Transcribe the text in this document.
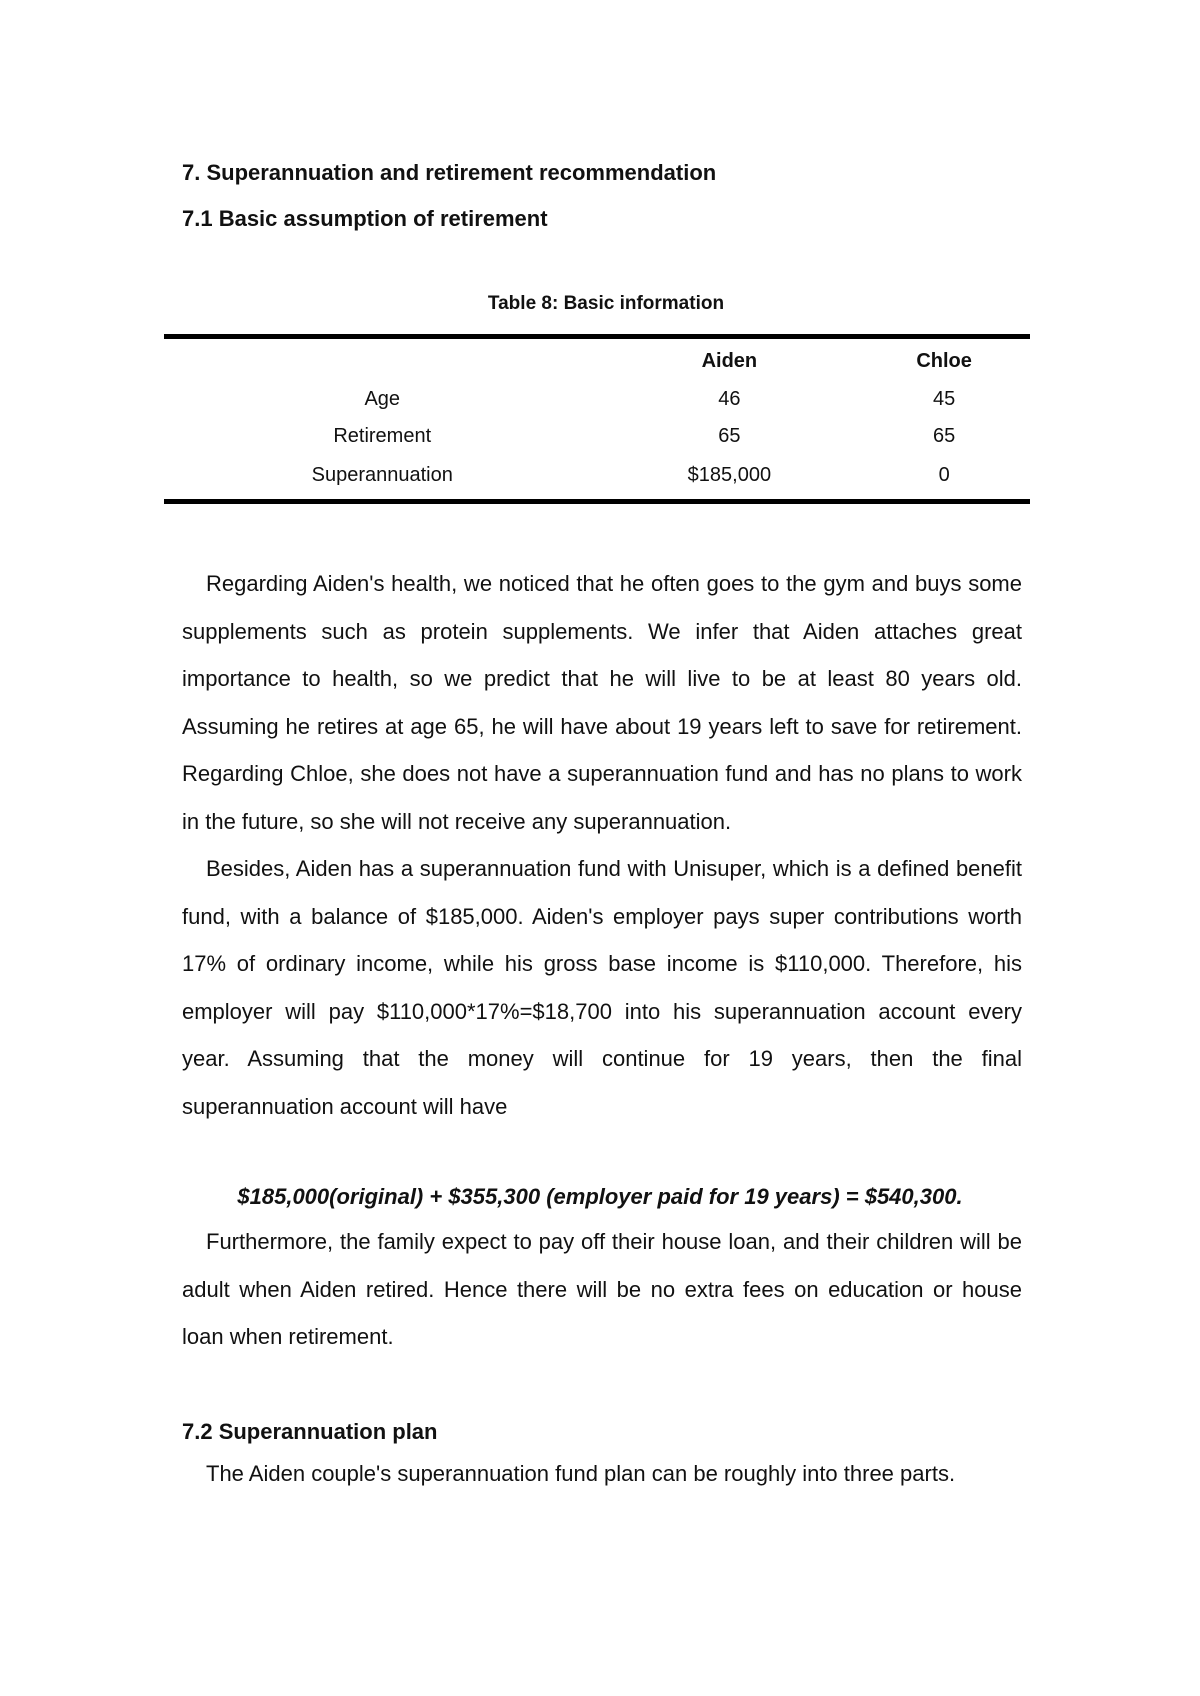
7. Superannuation and retirement recommendation
7.1 Basic assumption of retirement
Table 8: Basic information
	Aiden	Chloe
Age	46	45
Retirement	65	65
Superannuation	$185,000	0

Regarding Aiden's health, we noticed that he often goes to the gym and buys some supplements such as protein supplements. We infer that Aiden attaches great importance to health, so we predict that he will live to be at least 80 years old. Assuming he retires at age 65, he will have about 19 years left to save for retirement. Regarding Chloe, she does not have a superannuation fund and has no plans to work in the future, so she will not receive any superannuation.

Besides, Aiden has a superannuation fund with Unisuper, which is a defined benefit fund, with a balance of $185,000. Aiden's employer pays super contributions worth 17% of ordinary income, while his gross base income is $110,000. Therefore, his employer will pay $110,000*17%=$18,700 into his superannuation account every year. Assuming that the money will continue for 19 years, then the final superannuation account will have

$185,000(original) + $355,300 (employer paid for 19 years) = $540,300.

Furthermore, the family expect to pay off their house loan, and their children will be adult when Aiden retired. Hence there will be no extra fees on education or house loan when retirement.

7.2 Superannuation plan

The Aiden couple's superannuation fund plan can be roughly into three parts.
